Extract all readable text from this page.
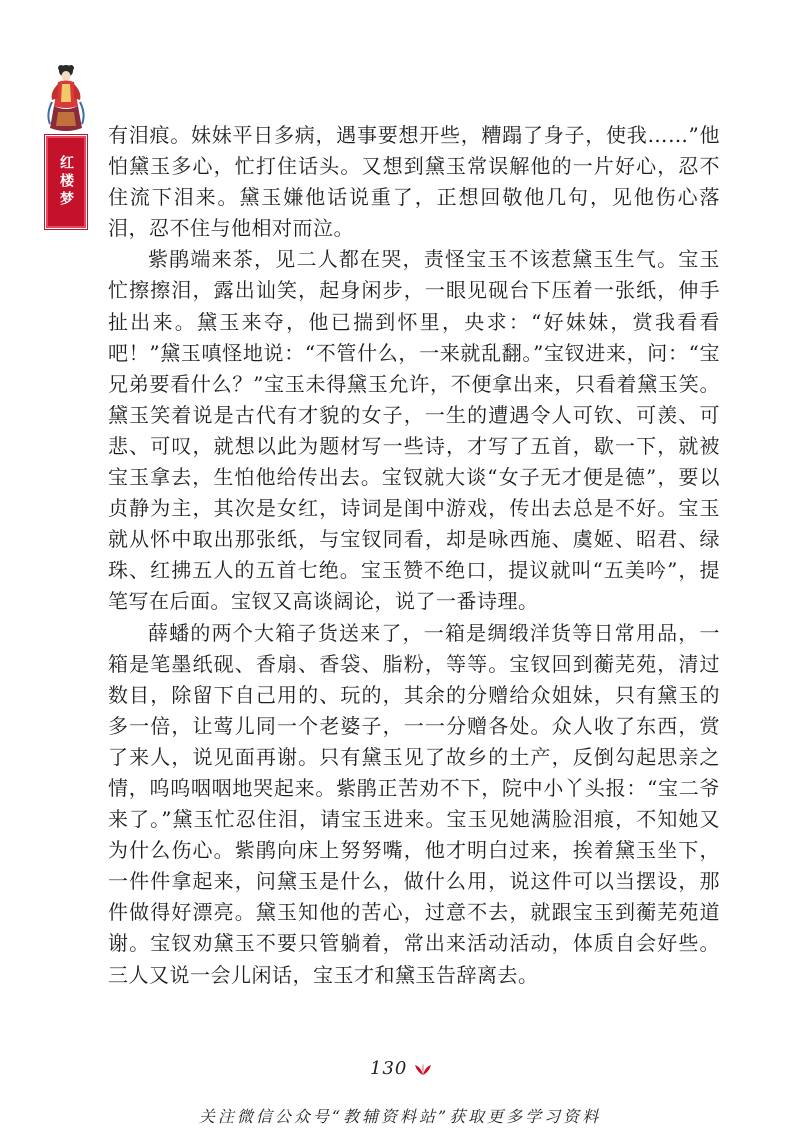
红楼梦

有泪痕。妹妹平日多病，遇事要想开些，糟蹋了身子，使我……”他怕黛玉多心，忙打住话头。又想到黛玉常误解他的一片好心，忍不住流下泪来。黛玉嫌他话说重了，正想回敬他几句，见他伤心落泪，忍不住与他相对而泣。

紫鹃端来茶，见二人都在哭，责怪宝玉不该惹黛玉生气。宝玉忙擦擦泪，露出讪笑，起身闲步，一眼见砚台下压着一张纸，伸手扯出来。黛玉来夺，他已揣到怀里，央求：“好妹妹，赏我看看吧！”黛玉嗔怪地说：“不管什么，一来就乱翻。”宝钗进来，问：“宝兄弟要看什么？”宝玉未得黛玉允许，不便拿出来，只看着黛玉笑。黛玉笑着说是古代有才貌的女子，一生的遭遇令人可钦、可羡、可悲、可叹，就想以此为题材写一些诗，才写了五首，歇一下，就被宝玉拿去，生怕他给传出去。宝钗就大谈“女子无才便是德”，要以贞静为主，其次是女红，诗词是闺中游戏，传出去总是不好。宝玉就从怀中取出那张纸，与宝钗同看，却是咏西施、虞姬、昭君、绿珠、红拂五人的五首七绝。宝玉赞不绝口，提议就叫“五美吟”，提笔写在后面。宝钗又高谈阔论，说了一番诗理。

薛蟠的两个大箱子货送来了，一箱是绸缎洋货等日常用品，一箱是笔墨纸砚、香扇、香袋、脂粉，等等。宝钗回到蘅芜苑，清过数目，除留下自己用的、玩的，其余的分赠给众姐妹，只有黛玉的多一倍，让莺儿同一个老婆子，一一分赠各处。众人收了东西，赏了来人，说见面再谢。只有黛玉见了故乡的土产，反倒勾起思亲之情，呜呜咽咽地哭起来。紫鹃正苦劝不下，院中小丫头报：“宝二爷来了。”黛玉忙忍住泪，请宝玉进来。宝玉见她满脸泪痕，不知她又为什么伤心。紫鹃向床上努努嘴，他才明白过来，挨着黛玉坐下，一件件拿起来，问黛玉是什么，做什么用，说这件可以当摆设，那件做得好漂亮。黛玉知他的苦心，过意不去，就跟宝玉到蘅芜苑道谢。宝钗劝黛玉不要只管躺着，常出来活动活动，体质自会好些。三人又说一会儿闲话，宝玉才和黛玉告辞离去。

130
关注微信公众号“教辅资料站”获取更多学习资料
